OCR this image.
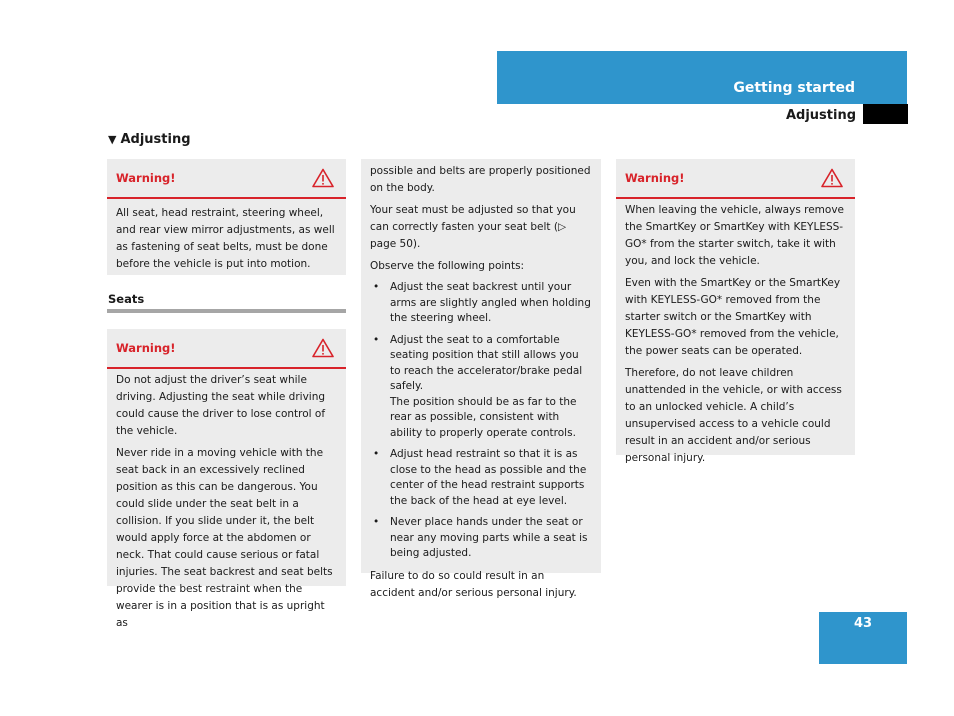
Getting started
Adjusting
▼ Adjusting
Warning!

All seat, head restraint, steering wheel, and rear view mirror adjustments, as well as fastening of seat belts, must be done before the vehicle is put into motion.

Seats
Warning!

Do not adjust the driver’s seat while driving. Adjusting the seat while driving could cause the driver to lose control of the vehicle.

Never ride in a moving vehicle with the seat back in an excessively reclined position as this can be dangerous. You could slide under the seat belt in a collision. If you slide under it, the belt would apply force at the abdomen or neck. That could cause serious or fatal injuries. The seat backrest and seat belts provide the best restraint when the wearer is in a position that is as upright as

possible and belts are properly positioned on the body.

Your seat must be adjusted so that you can correctly fasten your seat belt (▷ page 50).

Observe the following points:

• Adjust the seat backrest until your arms are slightly angled when holding the steering wheel.
• Adjust the seat to a comfortable seating position that still allows you to reach the accelerator/brake pedal safely.
The position should be as far to the rear as possible, consistent with ability to properly operate controls.
• Adjust head restraint so that it is as close to the head as possible and the center of the head restraint supports the back of the head at eye level.
• Never place hands under the seat or near any moving parts while a seat is being adjusted.

Failure to do so could result in an accident and/or serious personal injury.

Warning!

When leaving the vehicle, always remove the SmartKey or SmartKey with KEYLESS-GO* from the starter switch, take it with you, and lock the vehicle.

Even with the SmartKey or the SmartKey with KEYLESS-GO* removed from the starter switch or the SmartKey with KEYLESS-GO* removed from the vehicle, the power seats can be operated.

Therefore, do not leave children unattended in the vehicle, or with access to an unlocked vehicle. A child’s unsupervised access to a vehicle could result in an accident and/or serious personal injury.

43
